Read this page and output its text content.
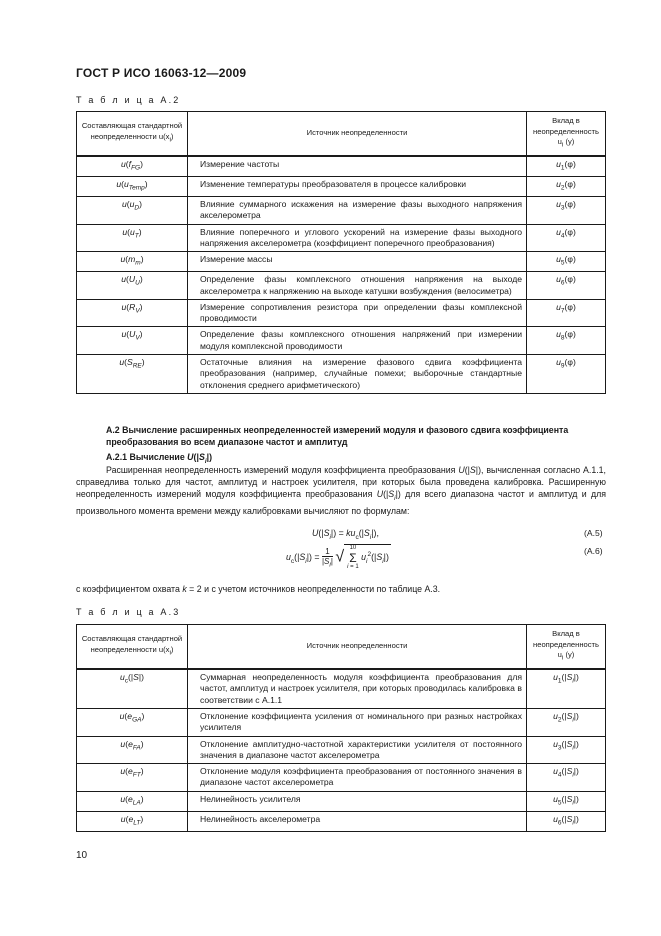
ГОСТ Р ИСО 16063-12—2009
Т а б л и ц а А.2
Составляющая стандартной неопределенности $u(x_i)$	Источник неопределенности	Вклад в неопределенность $u_i$ (y)
$u(f_{FG})$	Измерение частоты	$u_1(\varphi)$
$u(u_{Temp})$	Изменение температуры преобразователя в процессе калибровки	$u_2(\varphi)$
$u(u_D)$	Влияние суммарного искажения на измерение фазы выходного напряжения акселерометра	$u_3(\varphi)$
$u(u_T)$	Влияние поперечного и углового ускорений на измерение фазы выходного напряжения акселерометра (коэффициент поперечного преобразования)	$u_4(\varphi)$
$u(m_m)$	Измерение массы	$u_5(\varphi)$
$u(U_U)$	Определение фазы комплексного отношения напряжения на выходе акселерометра к напряжению на выходе катушки возбуждения (велосиметра)	$u_6(\varphi)$
$u(R_V)$	Измерение сопротивления резистора при определении фазы комплексной проводимости	$u_7(\varphi)$
$u(U_V)$	Определение фазы комплексного отношения напряжений при измерении модуля комплексной проводимости	$u_8(\varphi)$
$u(S_{RE})$	Остаточные влияния на измерение фазового сдвига коэффициента преобразования (например, случайные помехи; выборочные стандартные отклонения среднего арифметического)	$u_9(\varphi)$
А.2 Вычисление расширенных неопределенностей измерений модуля и фазового сдвига коэффициента преобразования во всем диапазоне частот и амплитуд
А.2.1 Вычисление $U(|S_i|)$
Расширенная неопределенность измерений модуля коэффициента преобразования U(|S|), вычисленная согласно А.1.1, справедлива только для частот, амплитуд и настроек усилителя, при которых была проведена калибровка. Расширенную неопределенность измерений модуля коэффициента преобразования $U(|S_i|)$ для всего диапазона частот и амплитуд и для произвольного момента времени между калибровками вычисляют по формулам:
$U(|S_i|) = ku_c(|S_i|)$,	(А.5)
$u_c(|S_i|) = \frac{1}{|S_i|} √10$
Σ
i = 1 $u_i^2(|S_i|)$
(А.6)
с коэффициентом охвата k = 2 и с учетом источников неопределенности по таблице А.3.
Т а б л и ц а А.3
Составляющая стандартной неопределенности $u(x_i)$	Источник неопределенности	Вклад в неопределенность $u_i$ (y)
$u_c(|S|)$	Суммарная неопределенность модуля коэффициента преобразования для частот, амплитуд и настроек усилителя, при которых проводилась калибровка в соответствии с А.1.1	$u_1(|S_i|)$
$u(e_{GA})$	Отклонение коэффициента усиления от номинального при разных настройках усилителя	$u_2(|S_i|)$
$u(e_{FA})$	Отклонение амплитудно-частотной характеристики усилителя от постоянного значения в диапазоне частот акселерометра	$u_3(|S_i|)$
$u(e_{FT})$	Отклонение модуля коэффициента преобразования от постоянного значения в диапазоне частот акселерометра	$u_4(|S_i|)$
$u(e_{LA})$	Нелинейность усилителя	$u_5(|S_i|)$
$u(e_{LT})$	Нелинейность акселерометра	$u_6(|S_i|)$
10
